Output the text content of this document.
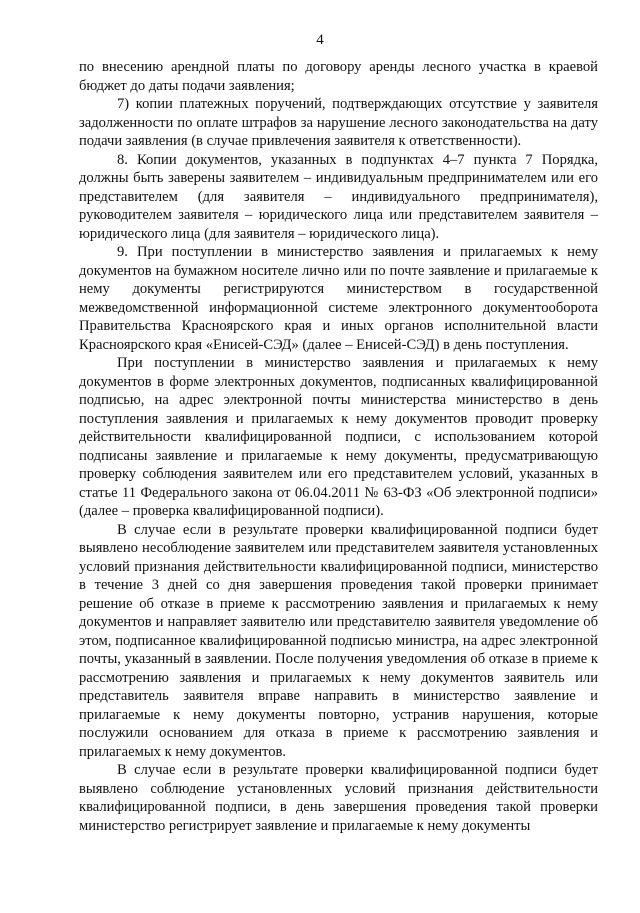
4

по внесению арендной платы по договору аренды лесного участка в краевой бюджет до даты подачи заявления;

7) копии платежных поручений, подтверждающих отсутствие у заявителя задолженности по оплате штрафов за нарушение лесного законодательства на дату подачи заявления (в случае привлечения заявителя к ответственности).

8. Копии документов, указанных в подпунктах 4–7 пункта 7 Порядка, должны быть заверены заявителем – индивидуальным предпринимателем или его представителем (для заявителя – индивидуального предпринимателя), руководителем заявителя – юридического лица или представителем заявителя – юридического лица (для заявителя – юридического лица).

9. При поступлении в министерство заявления и прилагаемых к нему документов на бумажном носителе лично или по почте заявление и прилагаемые к нему документы регистрируются министерством в государственной межведомственной информационной системе электронного документооборота Правительства Красноярского края и иных органов исполнительной власти Красноярского края «Енисей-СЭД» (далее – Енисей-СЭД) в день поступления.

При поступлении в министерство заявления и прилагаемых к нему документов в форме электронных документов, подписанных квалифицированной подписью, на адрес электронной почты министерства министерство в день поступления заявления и прилагаемых к нему документов проводит проверку действительности квалифицированной подписи, с использованием которой подписаны заявление и прилагаемые к нему документы, предусматривающую проверку соблюдения заявителем или его представителем условий, указанных в статье 11 Федерального закона от 06.04.2011 № 63-ФЗ «Об электронной подписи» (далее – проверка квалифицированной подписи).

В случае если в результате проверки квалифицированной подписи будет выявлено несоблюдение заявителем или представителем заявителя установленных условий признания действительности квалифицированной подписи, министерство в течение 3 дней со дня завершения проведения такой проверки принимает решение об отказе в приеме к рассмотрению заявления и прилагаемых к нему документов и направляет заявителю или представителю заявителя уведомление об этом, подписанное квалифицированной подписью министра, на адрес электронной почты, указанный в заявлении. После получения уведомления об отказе в приеме к рассмотрению заявления и прилагаемых к нему документов заявитель или представитель заявителя вправе направить в министерство заявление и прилагаемые к нему документы повторно, устранив нарушения, которые послужили основанием для отказа в приеме к рассмотрению заявления и прилагаемых к нему документов.

В случае если в результате проверки квалифицированной подписи будет выявлено соблюдение установленных условий признания действительности квалифицированной подписи, в день завершения проведения такой проверки министерство регистрирует заявление и прилагаемые к нему документы
